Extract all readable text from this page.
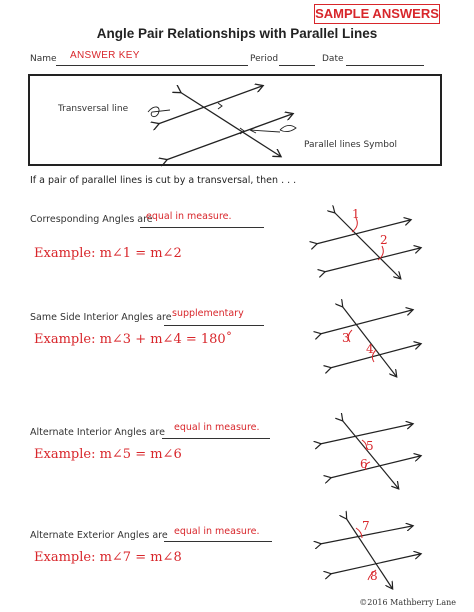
SAMPLE ANSWERS
Angle Pair Relationships with Parallel Lines
Name ANSWER KEY	Period	Date
Transversal line
Parallel lines Symbol
If a pair of parallel lines is cut by a transversal, then . . .
Corresponding Angles are
equal in measure.
Example: m∠1 = m∠2
Same Side Interior Angles are supplementary
Example: m∠3 + m∠4 = 180˚
Alternate Interior Angles are equal in measure.
Example: m∠5 = m∠6
Alternate Exterior Angles are equal in measure.
Example: m∠7 = m∠8
1
2
3
4
5
6
7
8
©2016 Mathberry Lane
